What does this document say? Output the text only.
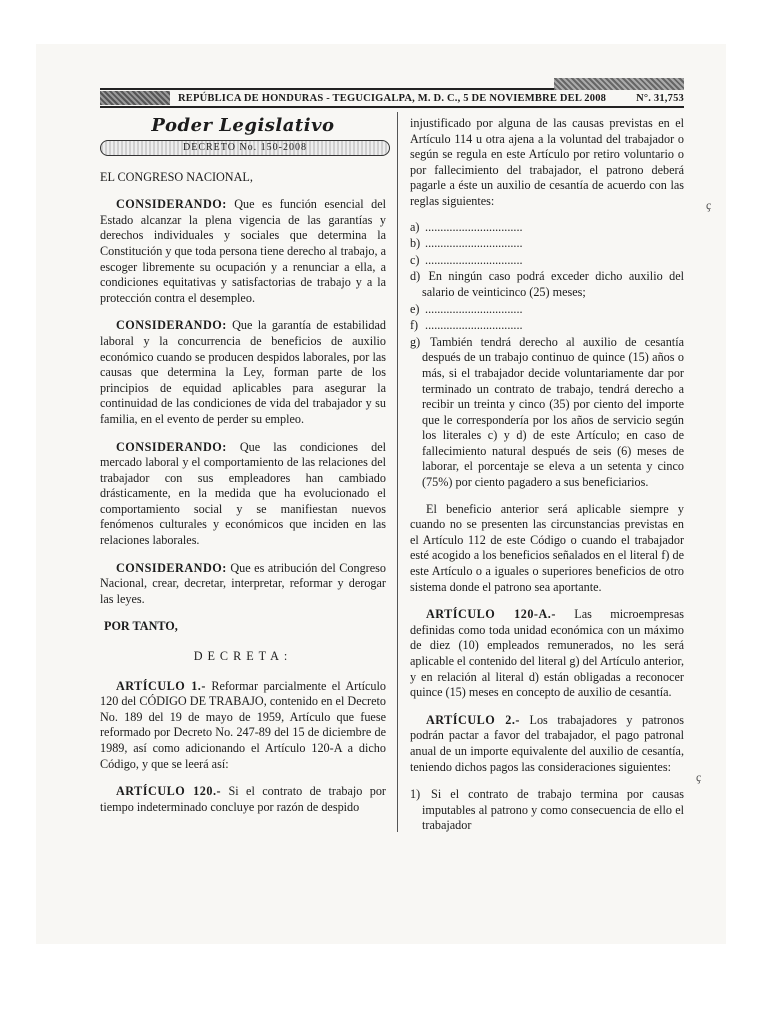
REPÚBLICA DE HONDURAS - TEGUCIGALPA, M. D. C., 5 DE NOVIEMBRE DEL 2008	N°. 31,753
Poder Legislativo
DECRETO No. 150-2008
EL CONGRESO NACIONAL,

CONSIDERANDO: Que es función esencial del Estado alcanzar la plena vigencia de las garantías y derechos individuales y sociales que determina la Constitución y que toda persona tiene derecho al trabajo, a escoger libremente su ocupación y a renunciar a ella, a condiciones equitativas y satisfactorias de trabajo y a la protección contra el desempleo.

CONSIDERANDO: Que la garantía de estabilidad laboral y la concurrencia de beneficios de auxilio económico cuando se producen despidos laborales, por las causas que determina la Ley, forman parte de los principios de equidad aplicables para asegurar la continuidad de las condiciones de vida del trabajador y su familia, en el evento de perder su empleo.

CONSIDERANDO: Que las condiciones del mercado laboral y el comportamiento de las relaciones del trabajador con sus empleadores han cambiado drásticamente, en la medida que ha evolucionado el comportamiento social y se manifiestan nuevos fenómenos culturales y económicos que inciden en las relaciones laborales.

CONSIDERANDO: Que es atribución del Congreso Nacional, crear, decretar, interpretar, reformar y derogar las leyes.

POR TANTO,
DECRETA:

ARTÍCULO 1.- Reformar parcialmente el Artículo 120 del CÓDIGO DE TRABAJO, contenido en el Decreto No. 189 del 19 de mayo de 1959, Artículo que fuese reformado por Decreto No. 247-89 del 15 de diciembre de 1989, así como adicionando el Artículo 120-A a dicho Código, y que se leerá así:

ARTÍCULO 120.- Si el contrato de trabajo por tiempo indeterminado concluye por razón de despido

injustificado por alguna de las causas previstas en el Artículo 114 u otra ajena a la voluntad del trabajador o según se regula en este Artículo por retiro voluntario o por fallecimiento del trabajador, el patrono deberá pagarle a éste un auxilio de cesantía de acuerdo con las reglas siguientes:

a) ................................
b) ................................
c) ................................
d) En ningún caso podrá exceder dicho auxilio del salario de veinticinco (25) meses;
e) ................................
f) ................................
g) También tendrá derecho al auxilio de cesantía después de un trabajo continuo de quince (15) años o más, si el trabajador decide voluntariamente dar por terminado un contrato de trabajo, tendrá derecho a recibir un treinta y cinco (35) por ciento del importe que le correspondería por los años de servicio según los literales c) y d) de este Artículo; en caso de fallecimiento natural después de seis (6) meses de laborar, el porcentaje se eleva a un setenta y cinco (75%) por ciento pagadero a sus beneficiarios.

El beneficio anterior será aplicable siempre y cuando no se presenten las circunstancias previstas en el Artículo 112 de este Código o cuando el trabajador esté acogido a los beneficios señalados en el literal f) de este Artículo o a iguales o superiores beneficios de otro sistema donde el patrono sea aportante.

ARTÍCULO 120-A.- Las microempresas definidas como toda unidad económica con un máximo de diez (10) empleados remunerados, no les será aplicable el contenido del literal g) del Artículo anterior, y en relación al literal d) están obligadas a reconocer quince (15) meses en concepto de auxilio de cesantía.

ARTÍCULO 2.- Los trabajadores y patronos podrán pactar a favor del trabajador, el pago patronal anual de un importe equivalente del auxilio de cesantía, teniendo dichos pagos las consideraciones siguientes:

1) Si el contrato de trabajo termina por causas imputables al patrono y como consecuencia de ello el trabajador
ҫ
ҫ
